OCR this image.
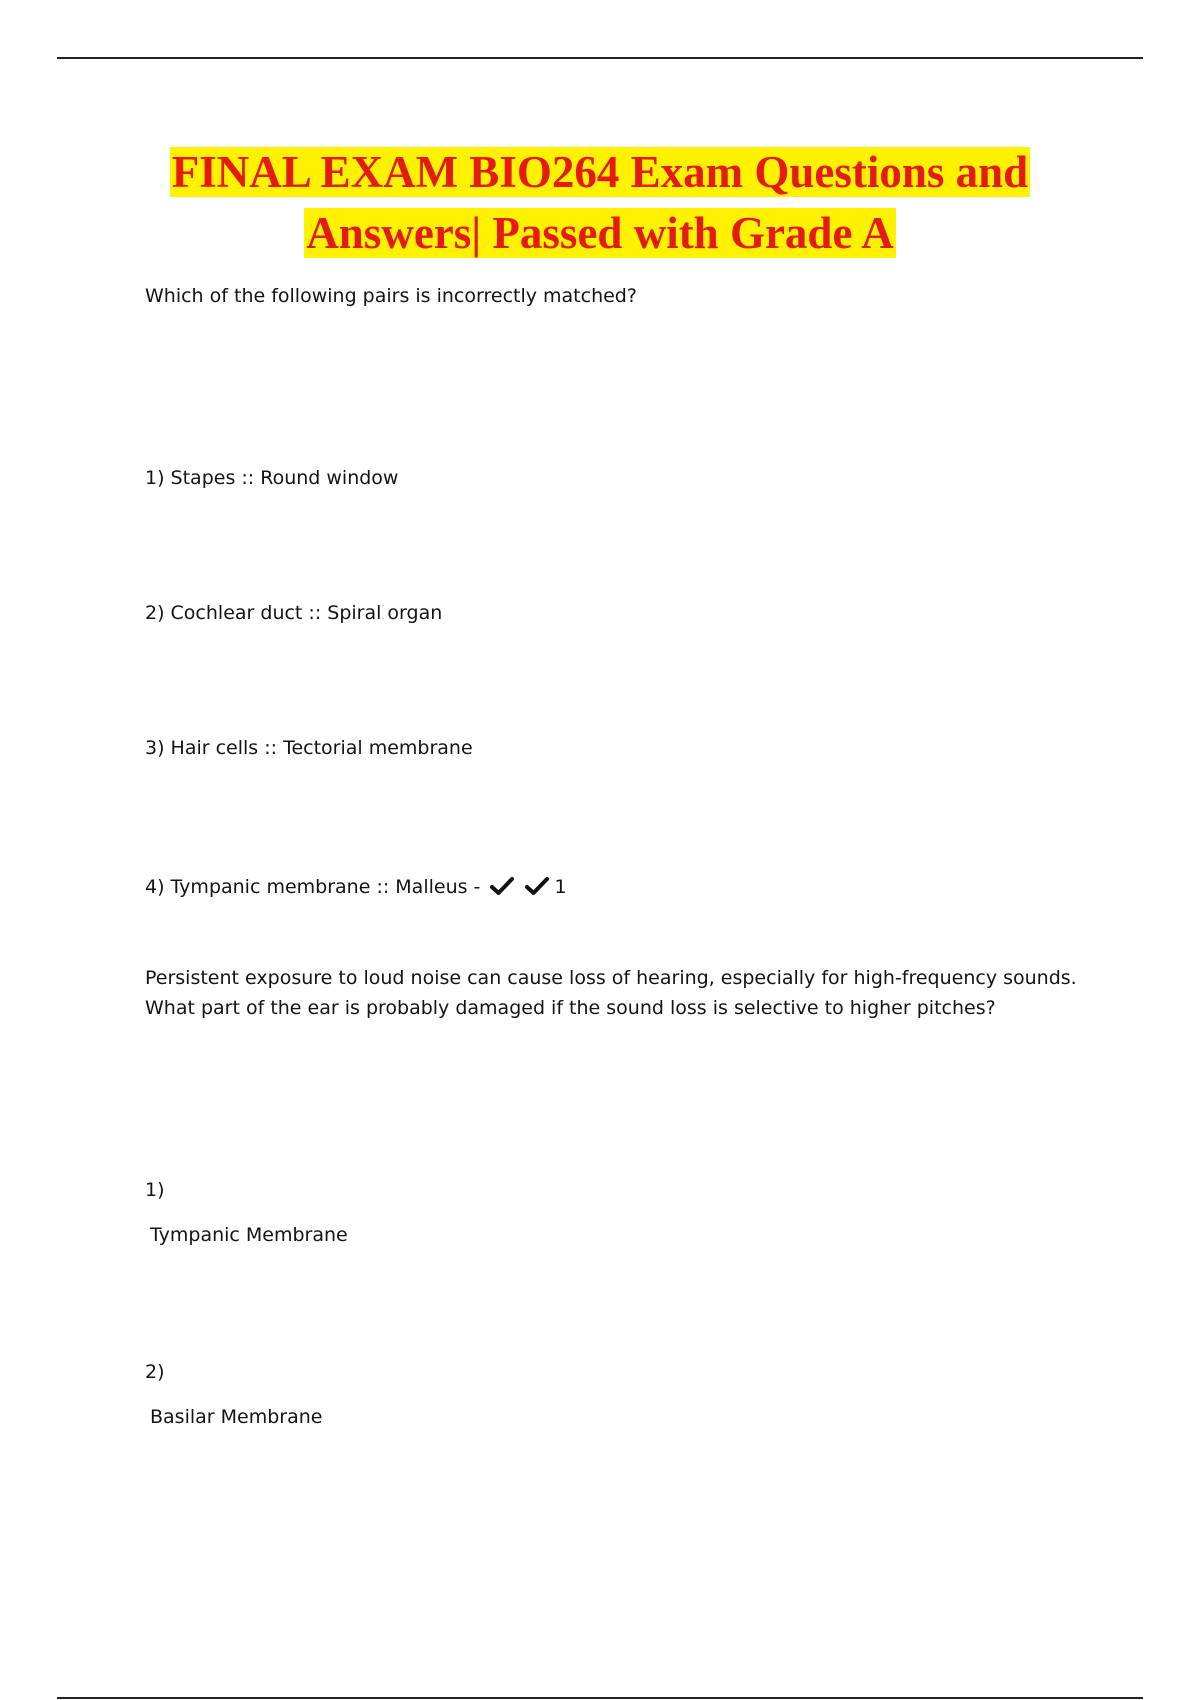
FINAL EXAM BIO264 Exam Questions and
Answers| Passed with Grade A

Which of the following pairs is incorrectly matched?

1) Stapes :: Round window

2) Cochlear duct :: Spiral organ

3) Hair cells :: Tectorial membrane

4) Tympanic membrane :: Malleus -
	1

Persistent exposure to loud noise can cause loss of hearing, especially for high-frequency sounds. What part of the ear is probably damaged if the sound loss is selective to higher pitches?

1)

Tympanic Membrane

2)

Basilar Membrane
